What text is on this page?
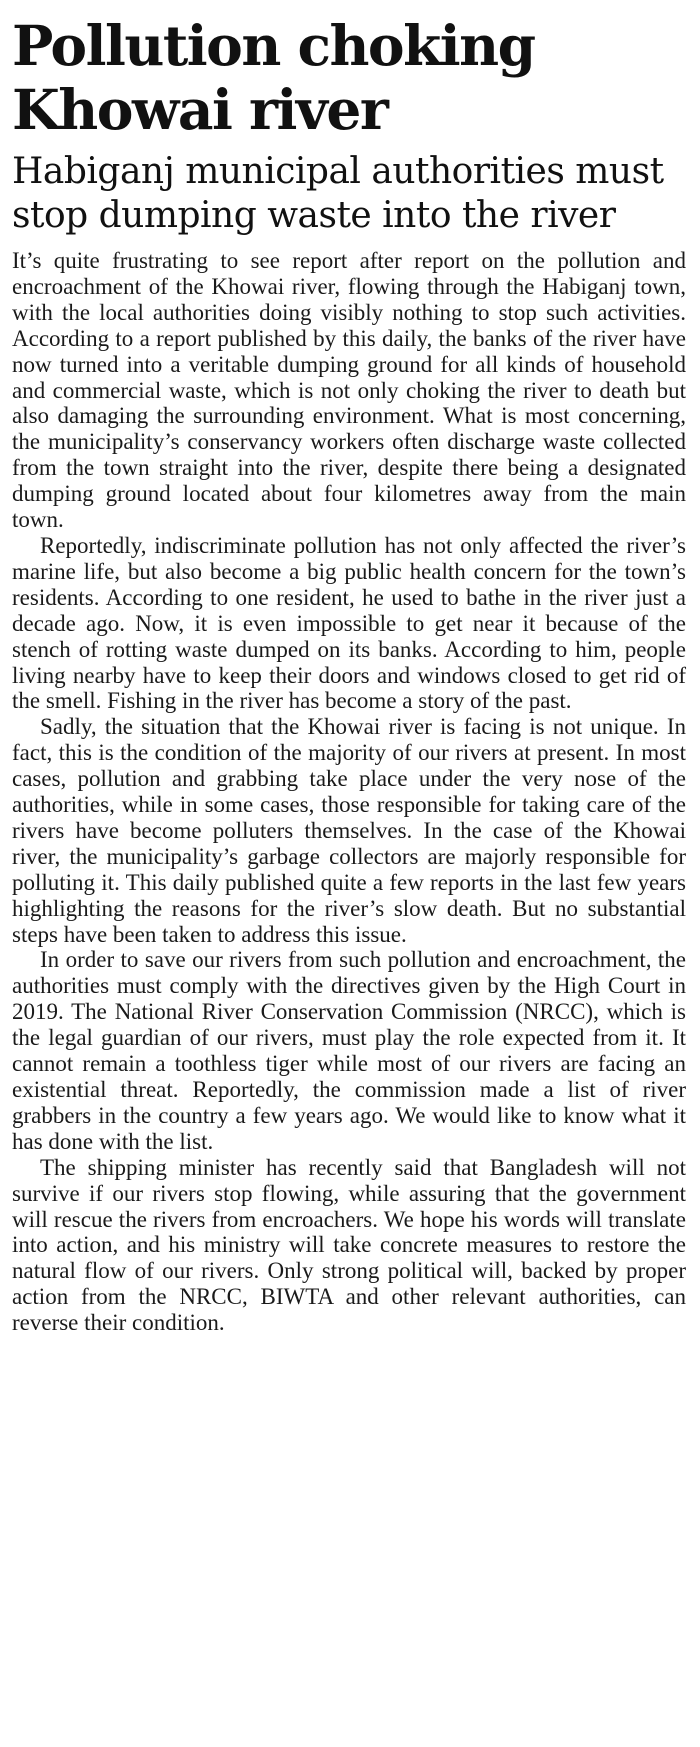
Pollution choking Khowai river
Habiganj municipal authorities must stop dumping waste into the river

It’s quite frustrating to see report after report on the pollution and encroachment of the Khowai river, flowing through the Habiganj town, with the local authorities doing visibly nothing to stop such activities. According to a report published by this daily, the banks of the river have now turned into a veritable dumping ground for all kinds of household and commercial waste, which is not only choking the river to death but also damaging the surrounding environment. What is most concerning, the municipality’s conservancy workers often discharge waste collected from the town straight into the river, despite there being a designated dumping ground located about four kilometres away from the main town.

Reportedly, indiscriminate pollution has not only affected the river’s marine life, but also become a big public health concern for the town’s residents. According to one resident, he used to bathe in the river just a decade ago. Now, it is even impossible to get near it because of the stench of rotting waste dumped on its banks. According to him, people living nearby have to keep their doors and windows closed to get rid of the smell. Fishing in the river has become a story of the past.

Sadly, the situation that the Khowai river is facing is not unique. In fact, this is the condition of the majority of our rivers at present. In most cases, pollution and grabbing take place under the very nose of the authorities, while in some cases, those responsible for taking care of the rivers have become polluters themselves. In the case of the Khowai river, the municipality’s garbage collectors are majorly responsible for polluting it. This daily published quite a few reports in the last few years highlighting the reasons for the river’s slow death. But no substantial steps have been taken to address this issue.

In order to save our rivers from such pollution and encroachment, the authorities must comply with the directives given by the High Court in 2019. The National River Conservation Commission (NRCC), which is the legal guardian of our rivers, must play the role expected from it. It cannot remain a toothless tiger while most of our rivers are facing an existential threat. Reportedly, the commission made a list of river grabbers in the country a few years ago. We would like to know what it has done with the list.

The shipping minister has recently said that Bangladesh will not survive if our rivers stop flowing, while assuring that the government will rescue the rivers from encroachers. We hope his words will translate into action, and his ministry will take concrete measures to restore the natural flow of our rivers. Only strong political will, backed by proper action from the NRCC, BIWTA and other relevant authorities, can reverse their condition.
